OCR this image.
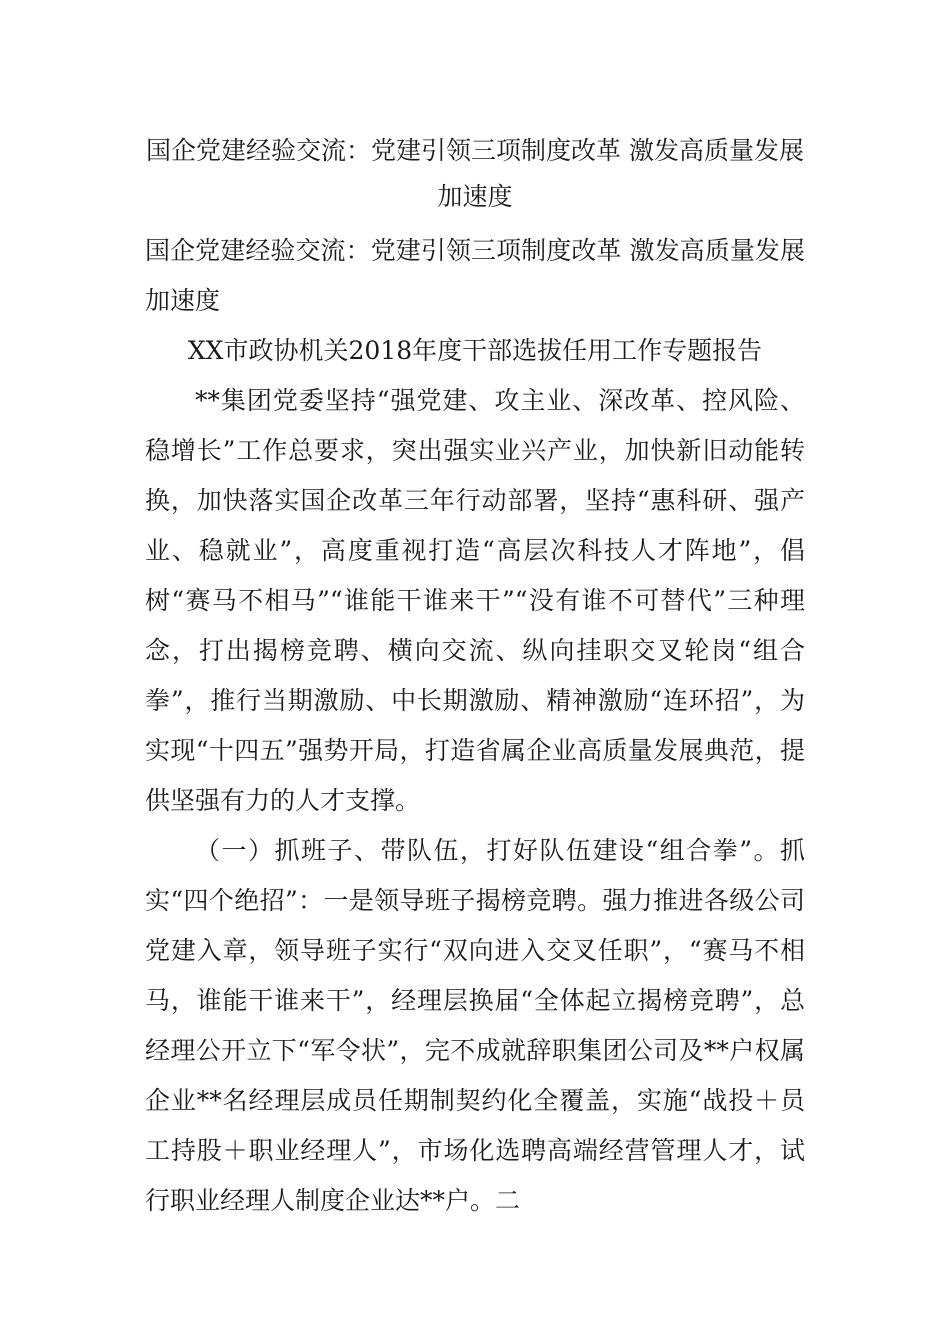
国企党建经验交流：党建引领三项制度改革 激发高质量发展加速度

国企党建经验交流：党建引领三项制度改革 激发高质量发展加速度

XX市政协机关2018年度干部选拔任用工作专题报告

**集团党委坚持“强党建、攻主业、深改革、控风险、稳增长”工作总要求，突出强实业兴产业，加快新旧动能转换，加快落实国企改革三年行动部署，坚持“惠科研、强产业、稳就业”，高度重视打造“高层次科技人才阵地”，倡树“赛马不相马”“谁能干谁来干”“没有谁不可替代”三种理念，打出揭榜竞聘、横向交流、纵向挂职交叉轮岗“组合拳”，推行当期激励、中长期激励、精神激励“连环招”，为实现“十四五”强势开局，打造省属企业高质量发展典范，提供坚强有力的人才支撑。

（一）抓班子、带队伍，打好队伍建设“组合拳”。抓实“四个绝招”：一是领导班子揭榜竞聘。强力推进各级公司党建入章，领导班子实行“双向进入交叉任职”，“赛马不相马，谁能干谁来干”，经理层换届“全体起立揭榜竞聘”，总经理公开立下“军令状”，完不成就辞职集团公司及**户权属企业**名经理层成员任期制契约化全覆盖，实施“战投＋员工持股＋职业经理人”，市场化选聘高端经营管理人才，试行职业经理人制度企业达**户。二
